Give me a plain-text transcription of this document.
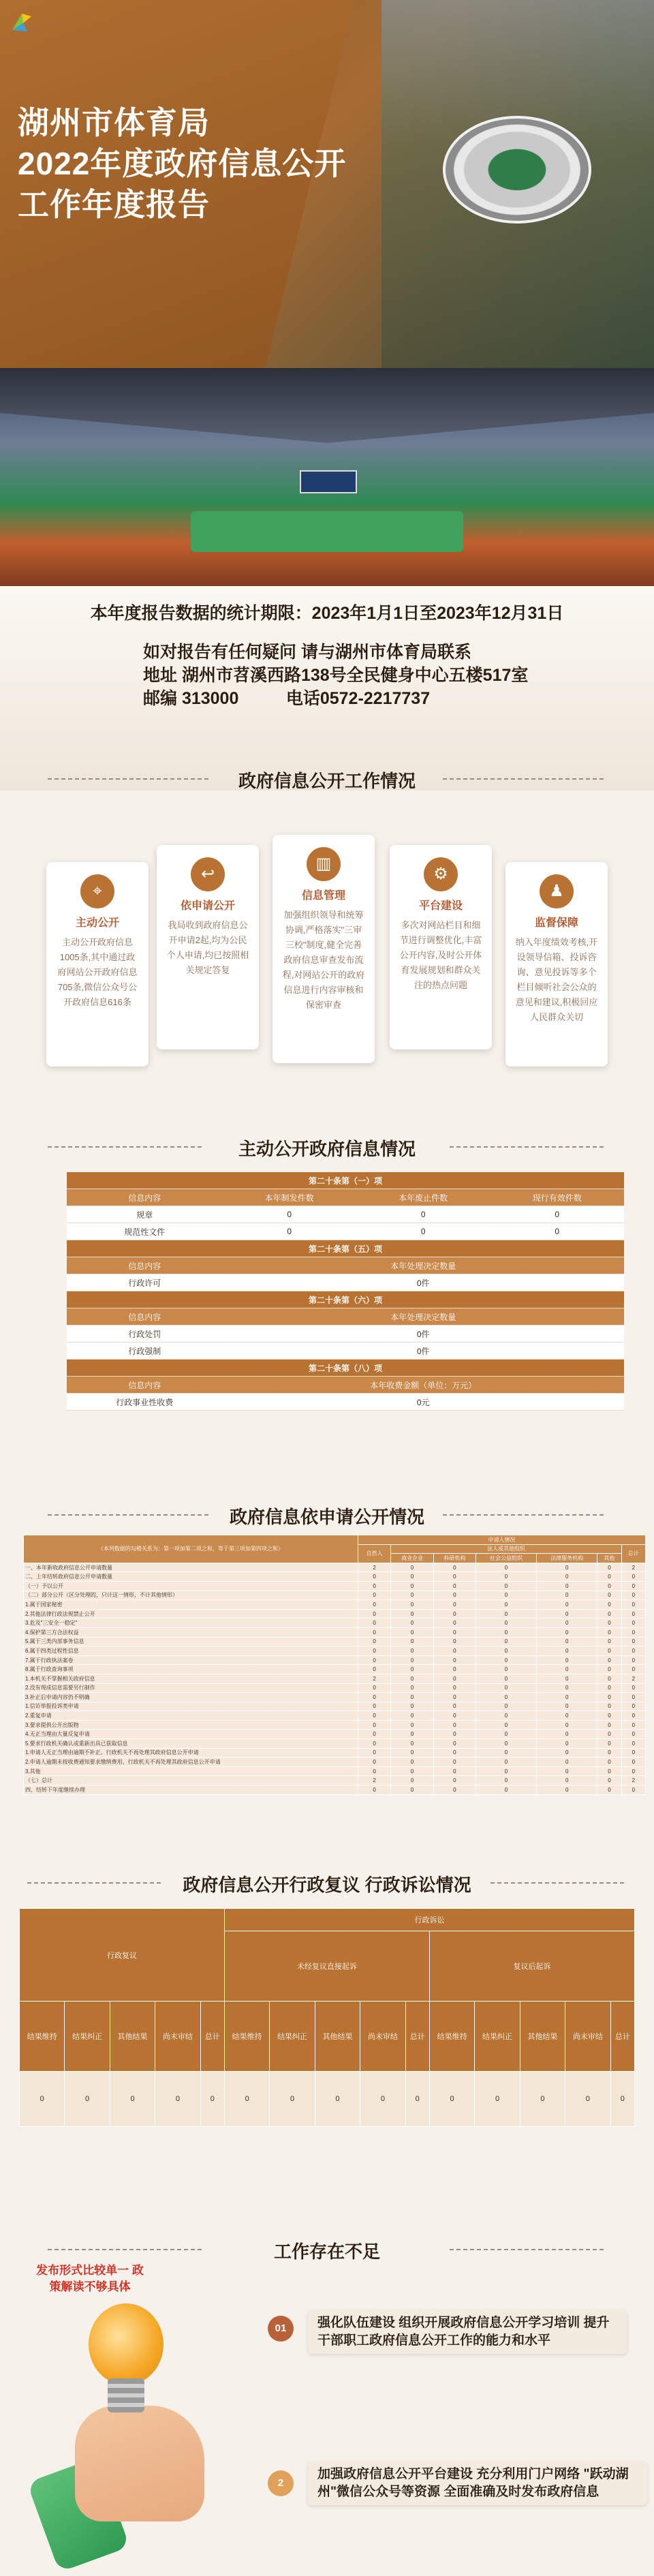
湖州市体育局
2022年度政府信息公开
工作年度报告
本年度报告数据的统计期限：2023年1月1日至2023年12月31日
如对报告有任何疑问 请与湖州市体育局联系
地址 湖州市苕溪西路138号全民健身中心五楼517室
邮编 313000          电话0572-2217737
政府信息公开工作情况
⌖
主动公开
主动公开政府信息1005条,其中通过政府网站公开政府信息705条,微信公众号公开政府信息616条
↩
依申请公开
我局收到政府信息公开申请2起,均为公民个人申请,均已按照相关规定答复
▥
信息管理
加强组织领导和统筹协调,严格落实"三审三校"制度,健全完善政府信息审查发布流程,对网站公开的政府信息进行内容审核和保密审查
⚙
平台建设
多次对网站栏目和细节进行调整优化,丰富公开内容,及时公开体育发展规划和群众关注的热点问题
♟
监督保障
纳入年度绩效考核,开设领导信箱、投诉咨询、意见投诉等多个栏目倾听社会公众的意见和建议,积极回应人民群众关切
主动公开政府信息情况
第二十条第（一）项			
信息内容	本年制发件数	本年废止件数	现行有效件数
规章	0	0	0
规范性文件	0	0	0
第二十条第（五）项			
信息内容	本年处理决定数量		
行政许可	0件		
第二十条第（六）项			
信息内容	本年处理决定数量		
行政处罚	0件		
行政强制	0件		
第二十条第（八）项			
信息内容	本年收费金额（单位：万元）		
行政事业性收费	0元		
政府信息依申请公开情况
（本列数据的勾稽关系为：第一项加第二项之和，等于第三项加第四项之和）	申请人情况						
	自然人	法人或其他组织					总计
		商业企业	科研机构	社会公益组织	法律服务机构	其他	
一、本年新收政府信息公开申请数量	2	0	0	0	0	0	2
二、上年结转政府信息公开申请数量	0	0	0	0	0	0	0
（一）予以公开	0	0	0	0	0	0	0
（二）部分公开（区分处理的，只计这一情形，不计其他情形）	0	0	0	0	0	0	0
1.属于国家秘密	0	0	0	0	0	0	0
2.其他法律行政法规禁止公开	0	0	0	0	0	0	0
3.危及"三安全一稳定"	0	0	0	0	0	0	0
4.保护第三方合法权益	0	0	0	0	0	0	0
5.属于三类内部事务信息	0	0	0	0	0	0	0
6.属于四类过程性信息	0	0	0	0	0	0	0
7.属于行政执法案卷	0	0	0	0	0	0	0
8.属于行政查询事项	0	0	0	0	0	0	0
1.本机关不掌握相关政府信息	2	0	0	0	0	0	2
2.没有现成信息需要另行制作	0	0	0	0	0	0	0
3.补正后申请内容仍不明确	0	0	0	0	0	0	0
1.信访举报投诉类申请	0	0	0	0	0	0	0
2.重复申请	0	0	0	0	0	0	0
3.要求提供公开出版物	0	0	0	0	0	0	0
4.无正当理由大量反复申请	0	0	0	0	0	0	0
5.要求行政机关确认或重新出具已获取信息	0	0	0	0	0	0	0
1.申请人无正当理由逾期不补正、行政机关不再处理其政府信息公开申请	0	0	0	0	0	0	0
2.申请人逾期未按收费通知要求缴纳费用、行政机关不再处理其政府信息公开申请	0	0	0	0	0	0	0
3.其他	0	0	0	0	0	0	0
（七）总计	2	0	0	0	0	0	2
四、结转下年度继续办理	0	0	0	0	0	0	0
政府信息公开行政复议 行政诉讼情况
行政复议					行政诉讼									
					未经复议直接起诉					复议后起诉				
结果维持	结果纠正	其他结果	尚未审结	总计	结果维持	结果纠正	其他结果	尚未审结	总计	结果维持	结果纠正	其他结果	尚未审结	总计
0	0	0	0	0	0	0	0	0	0	0	0	0	0	0
工作存在不足
发布形式比较单一 政策解读不够具体
01	强化队伍建设 组织开展政府信息公开学习培训 提升干部职工政府信息公开工作的能力和水平
2
加强政府信息公开平台建设 充分利用门户网络 "跃动湖州"微信公众号等资源 全面准确及时发布政府信息
